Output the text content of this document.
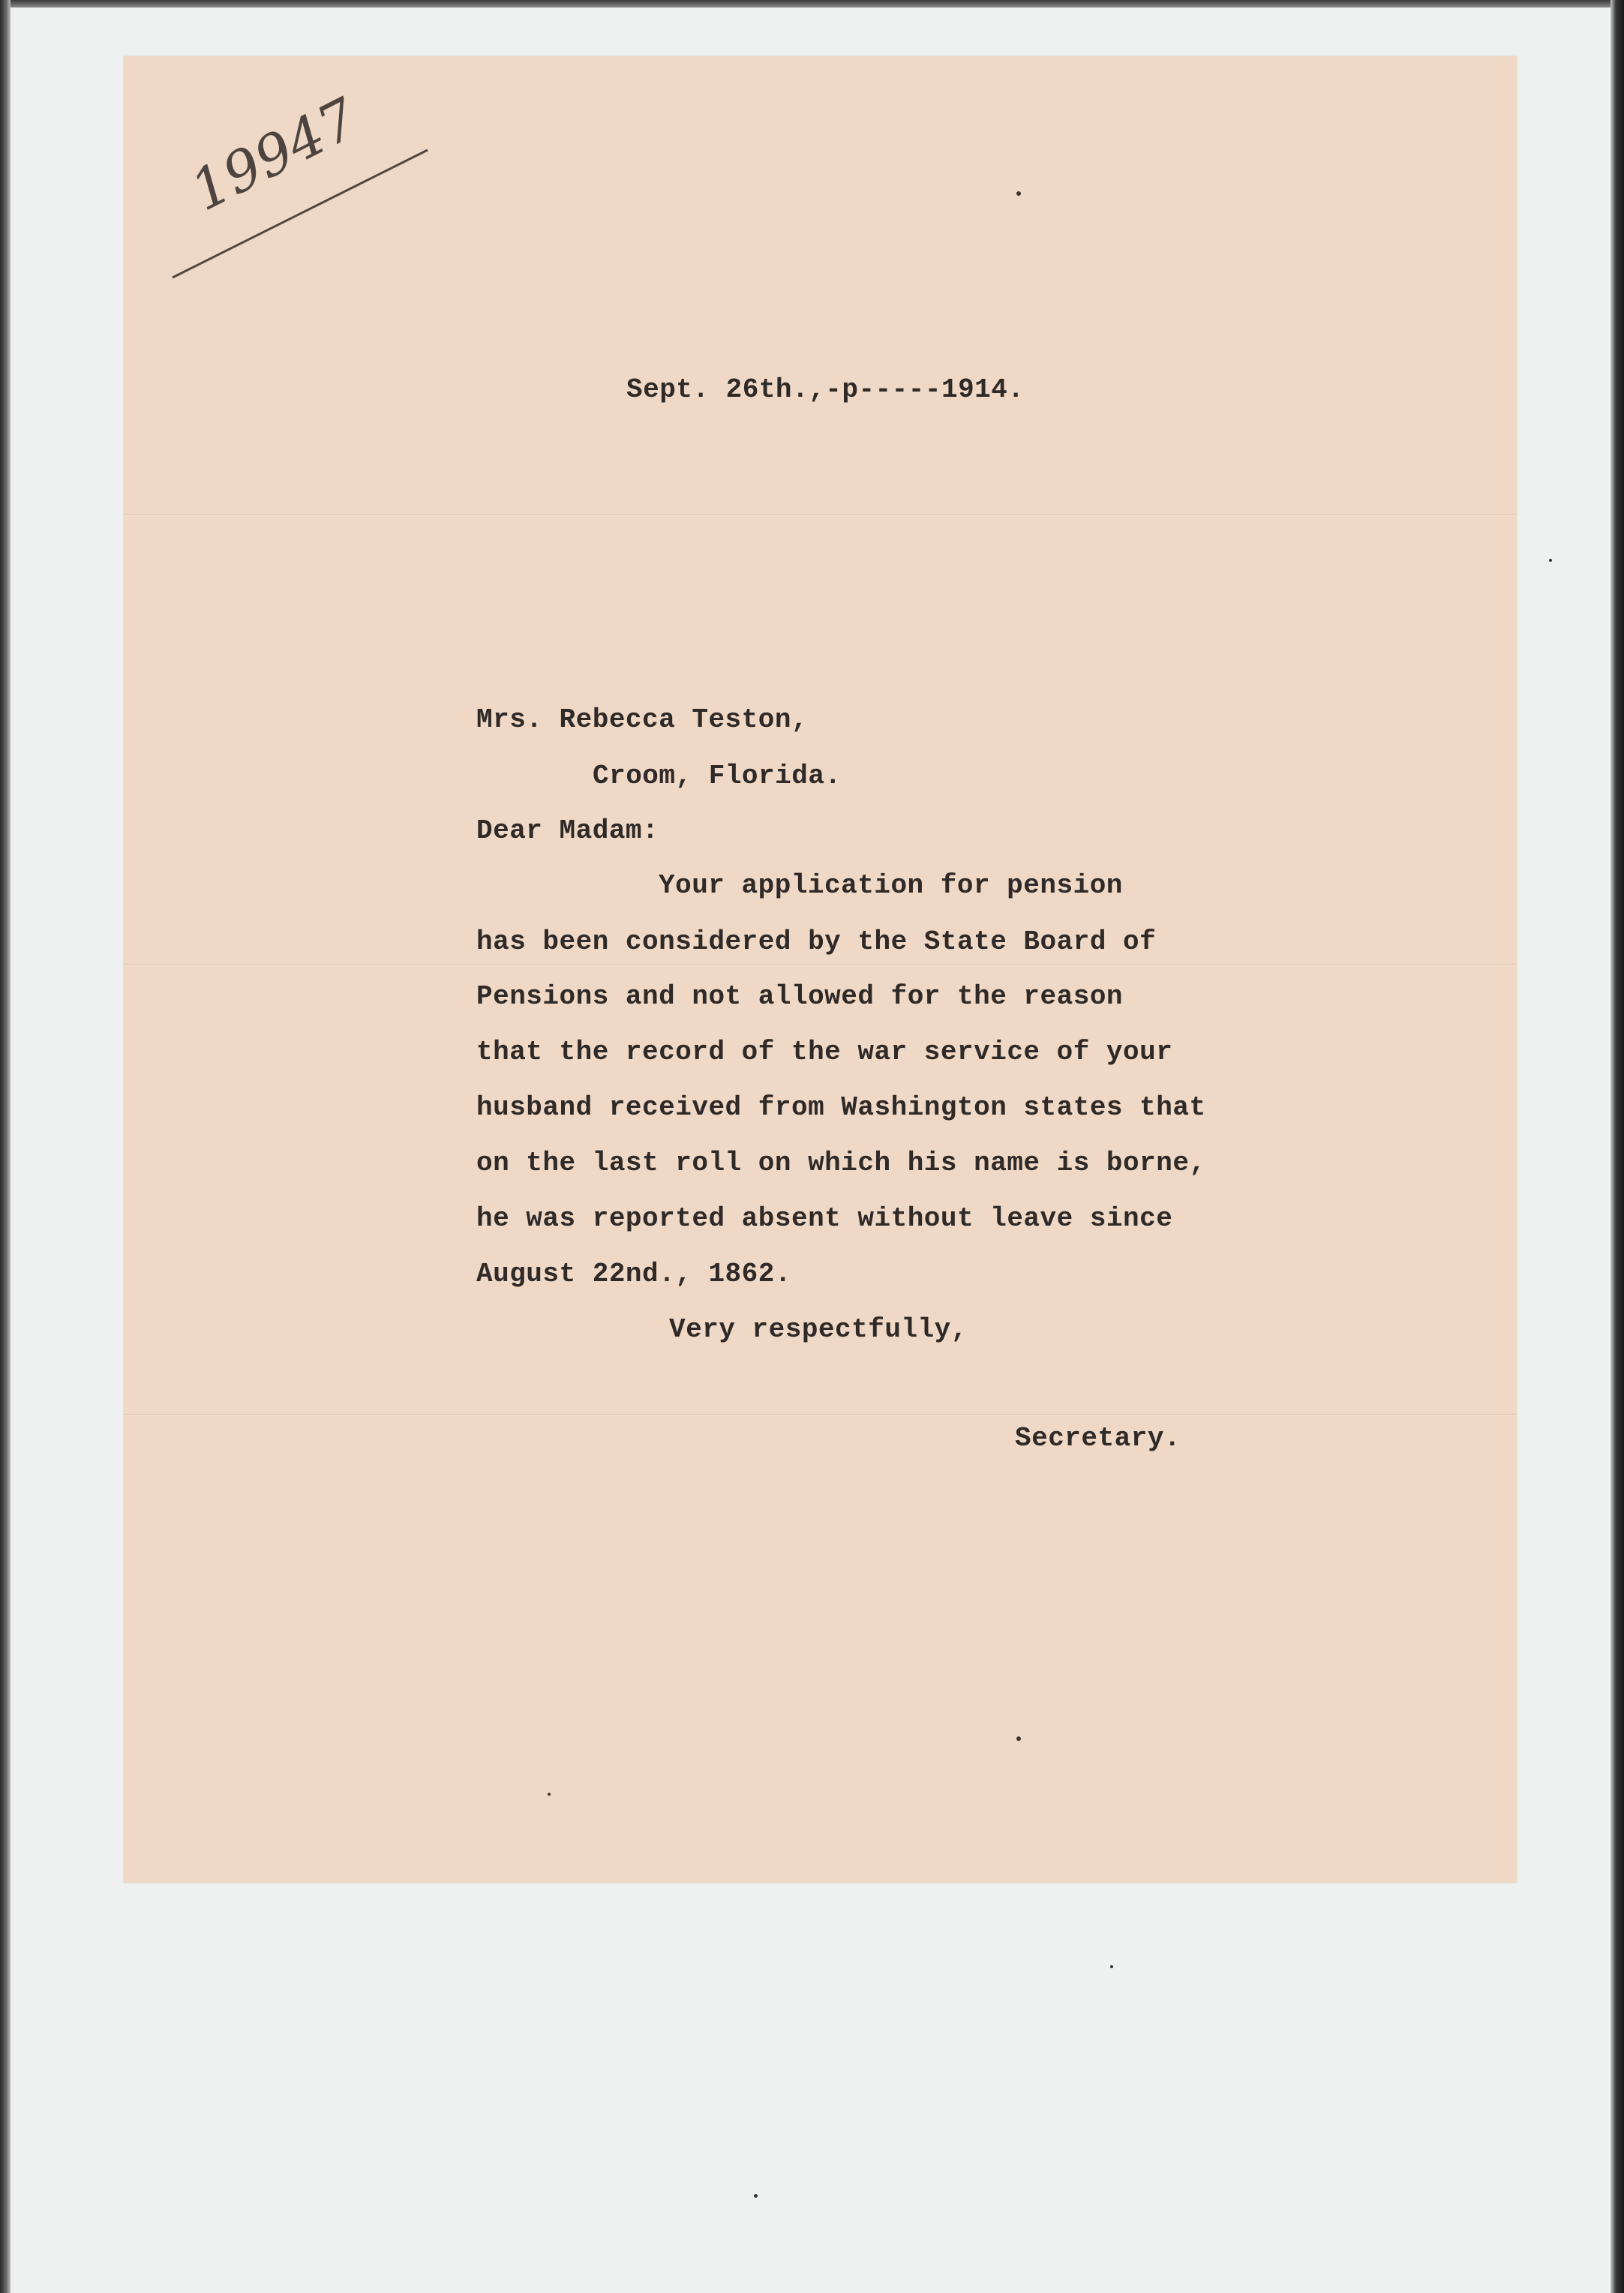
19947

Sept. 26th.,-p-----1914.

Mrs. Rebecca Teston,

Croom, Florida.

Dear Madam:

Your application for pension

has been considered by the State Board of

Pensions and not allowed for the reason

that the record of the war service of your

husband received from Washington states that

on the last roll on which his name is borne,

he was reported absent without leave since

August 22nd., 1862.

Very respectfully,

Secretary.
